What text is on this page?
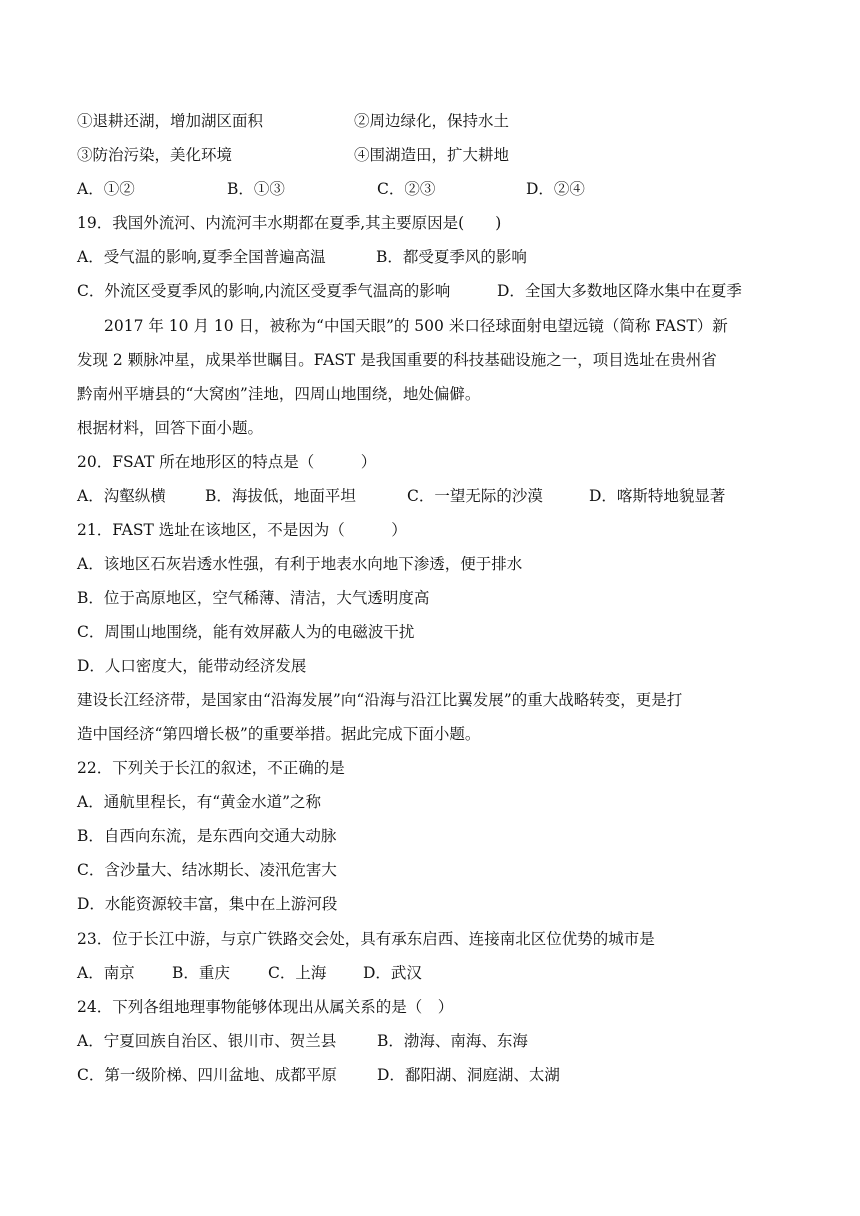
①退耕还湖，增加湖区面积	②周边绿化，保持水土
③防治污染，美化环境	④围湖造田，扩大耕地
A．①②	B．①③	C．②③	D．②④
19．我国外流河、内流河丰水期都在夏季,其主要原因是(　　)
A．受气温的影响,夏季全国普遍高温	B．都受夏季风的影响
C．外流区受夏季风的影响,内流区受夏季气温高的影响	D．全国大多数地区降水集中在夏季
2017 年 10 月 10 日，被称为“中国天眼”的 500 米口径球面射电望远镜（简称 FAST）新
发现 2 颗脉冲星，成果举世瞩目。FAST 是我国重要的科技基础设施之一，项目选址在贵州省
黔南州平塘县的“大窝凼”洼地，四周山地围绕，地处偏僻。
根据材料，回答下面小题。
20．FSAT 所在地形区的特点是（　　　）
A．沟壑纵横	B．海拔低，地面平坦	C．一望无际的沙漠	D．喀斯特地貌显著
21．FAST 选址在该地区，不是因为（　　　）
A．该地区石灰岩透水性强，有利于地表水向地下渗透，便于排水
B．位于高原地区，空气稀薄、清洁，大气透明度高
C．周围山地围绕，能有效屏蔽人为的电磁波干扰
D．人口密度大，能带动经济发展
建设长江经济带，是国家由“沿海发展”向“沿海与沿江比翼发展”的重大战略转变，更是打
造中国经济“第四增长极”的重要举措。据此完成下面小题。
22．下列关于长江的叙述，不正确的是
A．通航里程长，有“黄金水道”之称
B．自西向东流，是东西向交通大动脉
C．含沙量大、结冰期长、凌汛危害大
D．水能资源较丰富，集中在上游河段
23．位于长江中游，与京广铁路交会处，具有承东启西、连接南北区位优势的城市是
A．南京 B．重庆 C．上海 D．武汉
24．下列各组地理事物能够体现出从属关系的是（　）
A．宁夏回族自治区、银川市、贺兰县	B．渤海、南海、东海
C．第一级阶梯、四川盆地、成都平原	D．鄱阳湖、洞庭湖、太湖
